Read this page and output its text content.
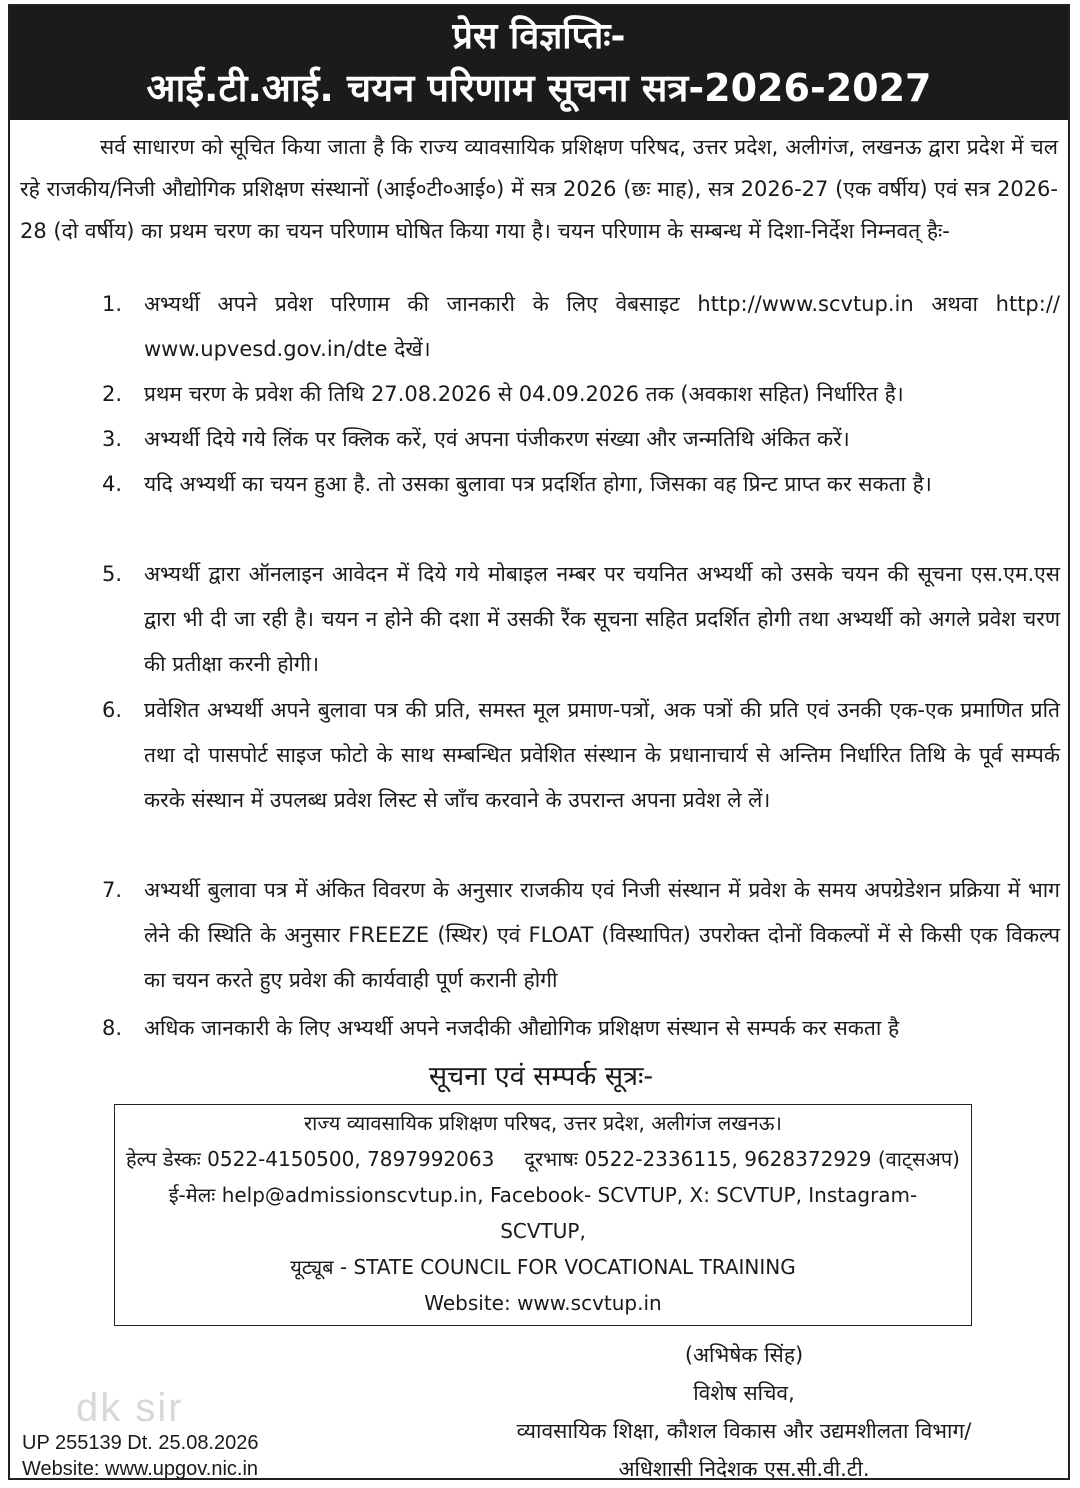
प्रेस विज्ञप्तिः-
आई.टी.आई. चयन परिणाम सूचना सत्र-2026-2027

सर्व साधारण को सूचित किया जाता है कि राज्य व्यावसायिक प्रशिक्षण परिषद, उत्तर प्रदेश, अलीगंज, लखनऊ द्वारा प्रदेश में चल रहे राजकीय/निजी औद्योगिक प्रशिक्षण संस्थानों (आई०टी०आई०) में सत्र 2026 (छः माह), सत्र 2026-27 (एक वर्षीय) एवं सत्र 2026-28 (दो वर्षीय) का प्रथम चरण का चयन परिणाम घोषित किया गया है। चयन परिणाम के सम्बन्ध में दिशा-निर्देश निम्नवत् हैः-

1.	अभ्यर्थी अपने प्रवेश परिणाम की जानकारी के लिए वेबसाइट http://www.scvtup.in अथवा http:// www.upvesd.gov.in/dte देखें।
2.	प्रथम चरण के प्रवेश की तिथि 27.08.2026 से 04.09.2026 तक (अवकाश सहित) निर्धारित है।
3.	अभ्यर्थी दिये गये लिंक पर क्लिक करें, एवं अपना पंजीकरण संख्या और जन्मतिथि अंकित करें।
4.	यदि अभ्यर्थी का चयन हुआ है. तो उसका बुलावा पत्र प्रदर्शित होगा, जिसका वह प्रिन्ट प्राप्त कर सकता है।
5.	अभ्यर्थी द्वारा ऑनलाइन आवेदन में दिये गये मोबाइल नम्बर पर चयनित अभ्यर्थी को उसके चयन की सूचना एस.एम.एस द्वारा भी दी जा रही है। चयन न होने की दशा में उसकी रैंक सूचना सहित प्रदर्शित होगी तथा अभ्यर्थी को अगले प्रवेश चरण की प्रतीक्षा करनी होगी।
6.	प्रवेशित अभ्यर्थी अपने बुलावा पत्र की प्रति, समस्त मूल प्रमाण-पत्रों, अक पत्रों की प्रति एवं उनकी एक-एक प्रमाणित प्रति तथा दो पासपोर्ट साइज फोटो के साथ सम्बन्धित प्रवेशित संस्थान के प्रधानाचार्य से अन्तिम निर्धारित तिथि के पूर्व सम्पर्क करके संस्थान में उपलब्ध प्रवेश लिस्ट से जाँच करवाने के उपरान्त अपना प्रवेश ले लें।
7.	अभ्यर्थी बुलावा पत्र में अंकित विवरण के अनुसार राजकीय एवं निजी संस्थान में प्रवेश के समय अपग्रेडेशन प्रक्रिया में भाग लेने की स्थिति के अनुसार FREEZE (स्थिर) एवं FLOAT (विस्थापित) उपरोक्त दोनों विकल्पों में से किसी एक विकल्प का चयन करते हुए प्रवेश की कार्यवाही पूर्ण करानी होगी
8.	अधिक जानकारी के लिए अभ्यर्थी अपने नजदीकी औद्योगिक प्रशिक्षण संस्थान से सम्पर्क कर सकता है
सूचना एवं सम्पर्क सूत्रः-
राज्य व्यावसायिक प्रशिक्षण परिषद, उत्तर प्रदेश, अलीगंज लखनऊ।
हेल्प डेस्कः 0522-4150500, 7897992063 दूरभाषः 0522-2336115, 9628372929 (वाट्सअप)
ई-मेलः help@admissionscvtup.in, Facebook- SCVTUP, X: SCVTUP, Instagram-
SCVTUP,
यूट्यूब - STATE COUNCIL FOR VOCATIONAL TRAINING
Website: www.scvtup.in
(अभिषेक सिंह)
विशेष सचिव,
व्यावसायिक शिक्षा, कौशल विकास और उद्यमशीलता विभाग/
अधिशासी निदेशक एस.सी.वी.टी.
dk sir
UP 255139 Dt. 25.08.2026
Website: www.upgov.nic.in
